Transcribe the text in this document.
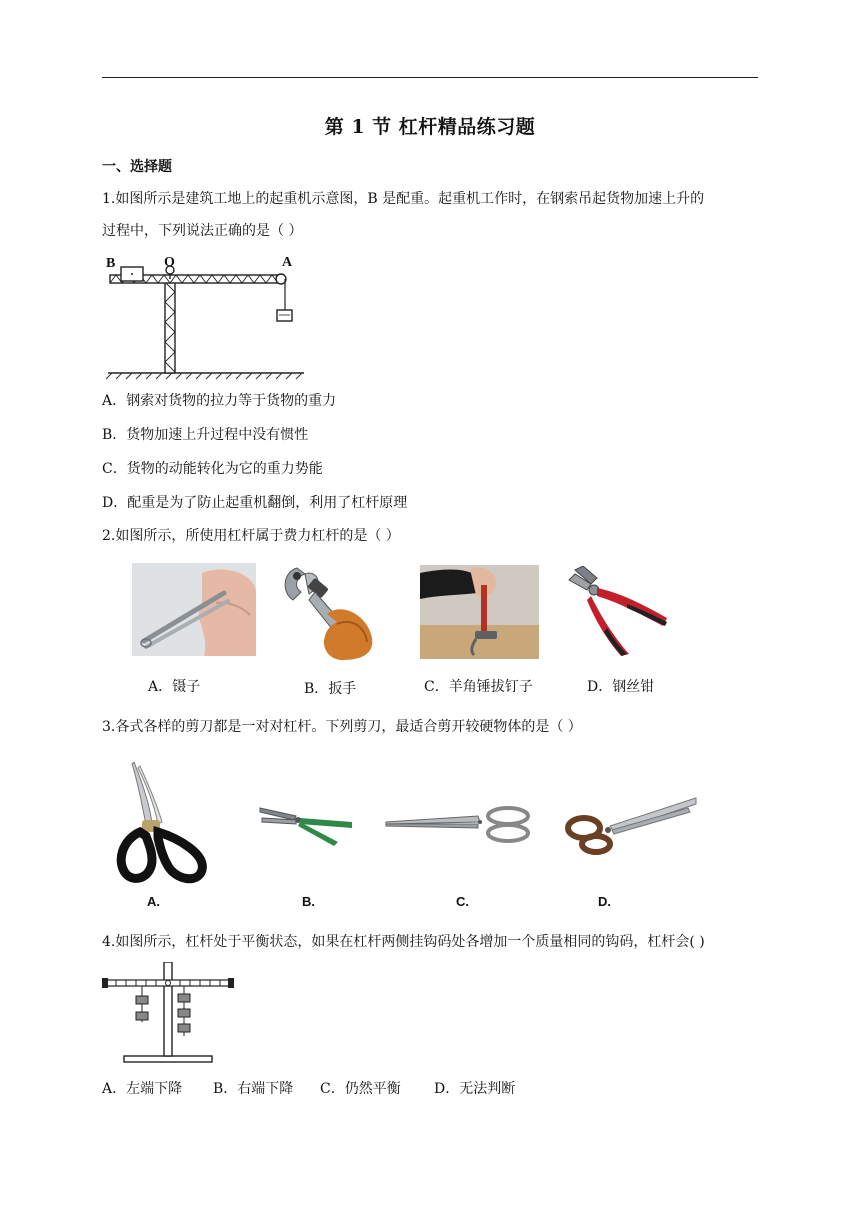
第 1 节 杠杆精品练习题
一、选择题
1.如图所示是建筑工地上的起重机示意图，B 是配重。起重机工作时，在钢索吊起货物加速上升的
过程中，下列说法正确的是（ ）
B	O	A
A．钢索对货物的拉力等于货物的重力
B．货物加速上升过程中没有惯性
C．货物的动能转化为它的重力势能
D．配重是为了防止起重机翻倒，利用了杠杆原理
2.如图所示，所使用杠杆属于费力杠杆的是（ ）
A．镊子	B．扳手	C．羊角锤拔钉子	D．钢丝钳
3.各式各样的剪刀都是一对对杠杆。下列剪刀，最适合剪开较硬物体的是（ ）
A.	B.	C.	D.
4.如图所示，杠杆处于平衡状态，如果在杠杆两侧挂钩码处各增加一个质量相同的钩码，杠杆会( )
A．左端下降 B．右端下降 C．仍然平衡 D．无法判断
